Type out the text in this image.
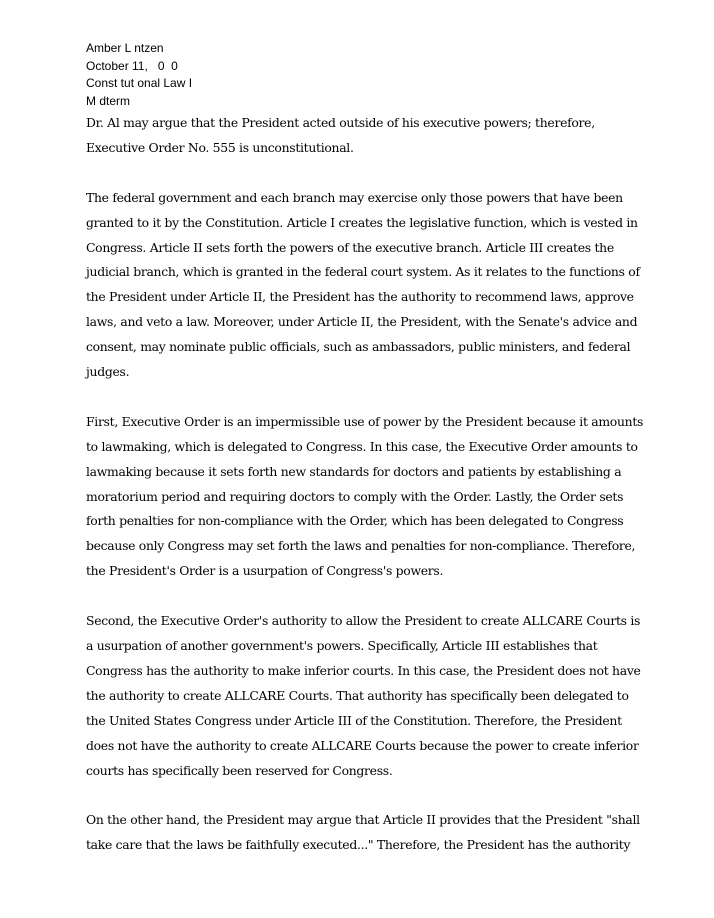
Amber L ntzen

October 11,   0  0

Const tut onal Law I

M dterm

Dr. Al may argue that the President acted outside of his executive powers; therefore, Executive Order No. 555 is unconstitutional.

The federal government and each branch may exercise only those powers that have been granted to it by the Constitution. Article I creates the legislative function, which is vested in Congress. Article II sets forth the powers of the executive branch. Article III creates the judicial branch, which is granted in the federal court system. As it relates to the functions of the President under Article II, the President has the authority to recommend laws, approve laws, and veto a law. Moreover, under Article II, the President, with the Senate's advice and consent, may nominate public officials, such as ambassadors, public ministers, and federal judges.

First, Executive Order is an impermissible use of power by the President because it amounts to lawmaking, which is delegated to Congress. In this case, the Executive Order amounts to lawmaking because it sets forth new standards for doctors and patients by establishing a moratorium period and requiring doctors to comply with the Order. Lastly, the Order sets forth penalties for non-compliance with the Order, which has been delegated to Congress because only Congress may set forth the laws and penalties for non-compliance. Therefore, the President's Order is a usurpation of Congress's powers.

Second, the Executive Order's authority to allow the President to create ALLCARE Courts is a usurpation of another government's powers. Specifically, Article III establishes that Congress has the authority to make inferior courts. In this case, the President does not have the authority to create ALLCARE Courts. That authority has specifically been delegated to the United States Congress under Article III of the Constitution. Therefore, the President does not have the authority to create ALLCARE Courts because the power to create inferior courts has specifically been reserved for Congress.

On the other hand, the President may argue that Article II provides that the President "shall take care that the laws be faithfully executed..." Therefore, the President has the authority
